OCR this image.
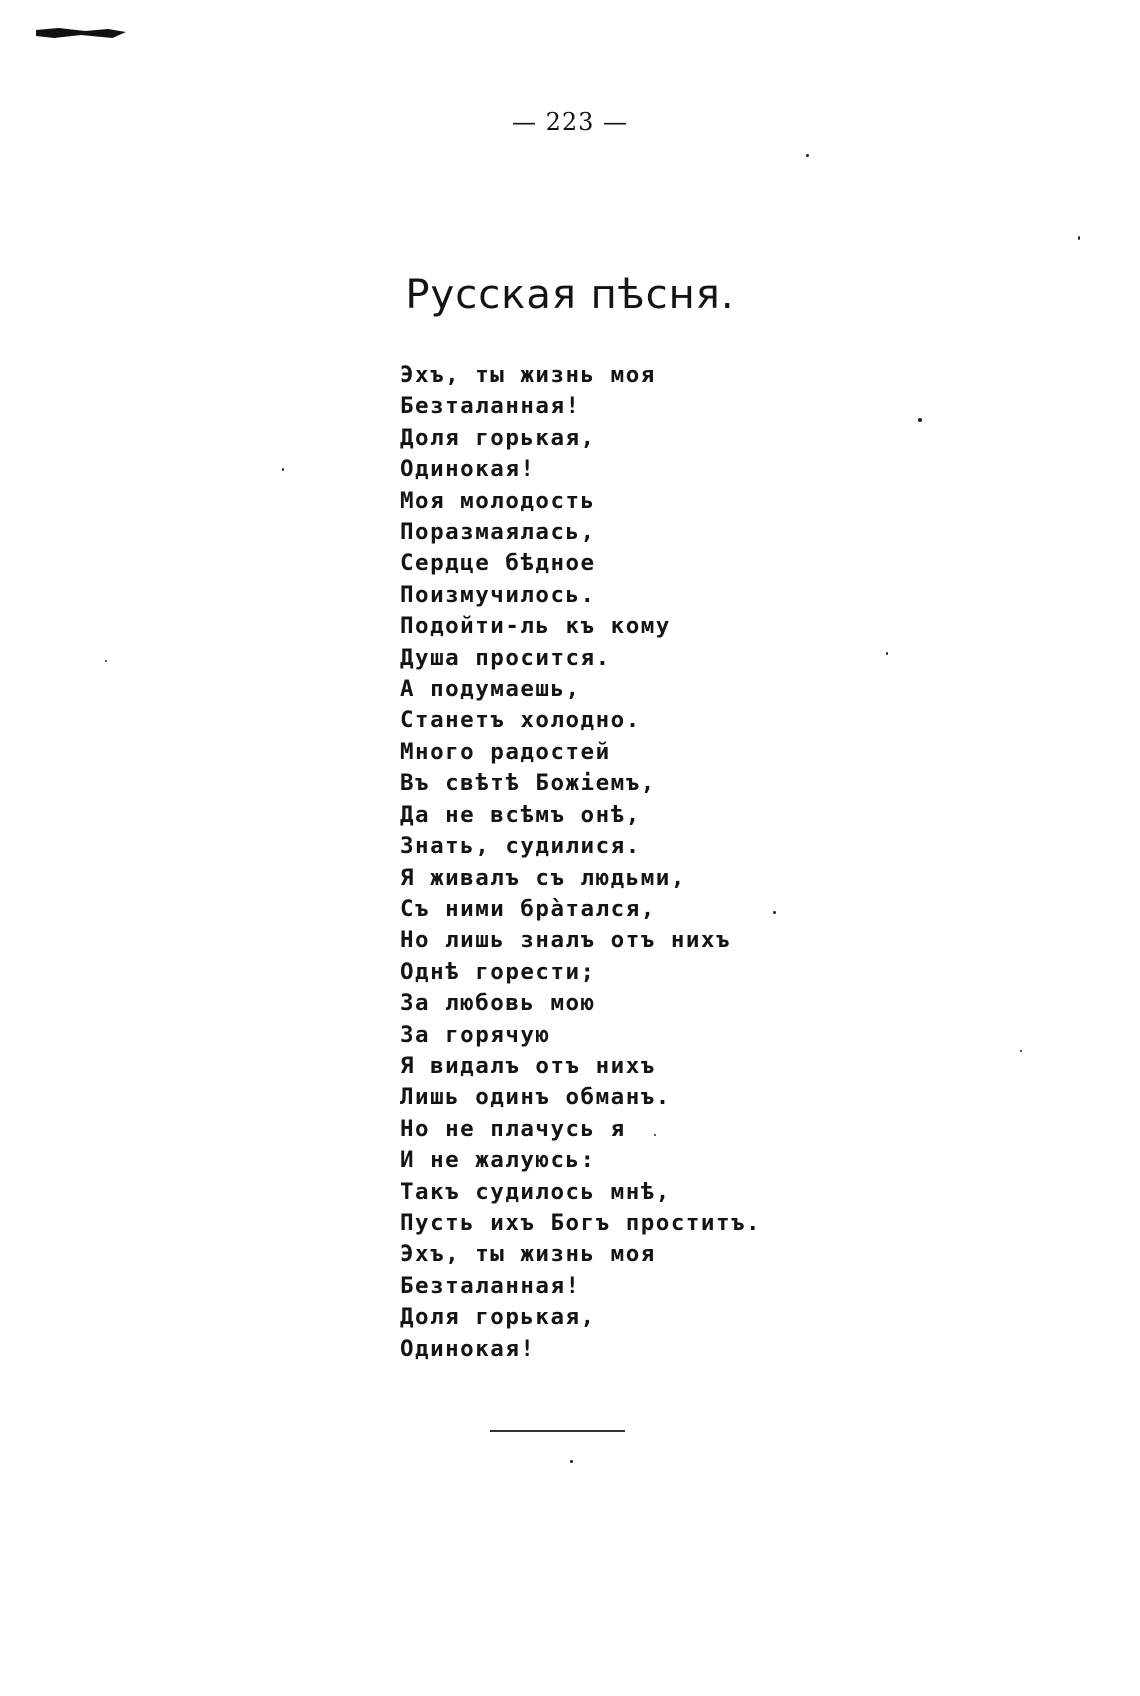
— 223 —
Русская пѣсня.
Эхъ, ты жизнь моя
Безталанная!
Доля горькая,
Одинокая!
Моя молодость
Поразмаялась,
Сердце бѣдное
Поизмучилось.
Подойти-ль къ кому
Душа просится.
А подумаешь,
Станетъ холодно.
Много радостей
Въ свѣтѣ Божіемъ,
Да не всѣмъ онѣ,
Знать, судилися.
Я живалъ съ людьми,
Съ ними брàтался,
Но лишь зналъ отъ нихъ
Однѣ горести;
За любовь мою
За горячую
Я видалъ отъ нихъ
Лишь одинъ обманъ.
Но не плачусь я
И не жалуюсь:
Такъ судилось мнѣ,
Пусть ихъ Богъ проститъ.
Эхъ, ты жизнь моя
Безталанная!
Доля горькая,
Одинокая!
